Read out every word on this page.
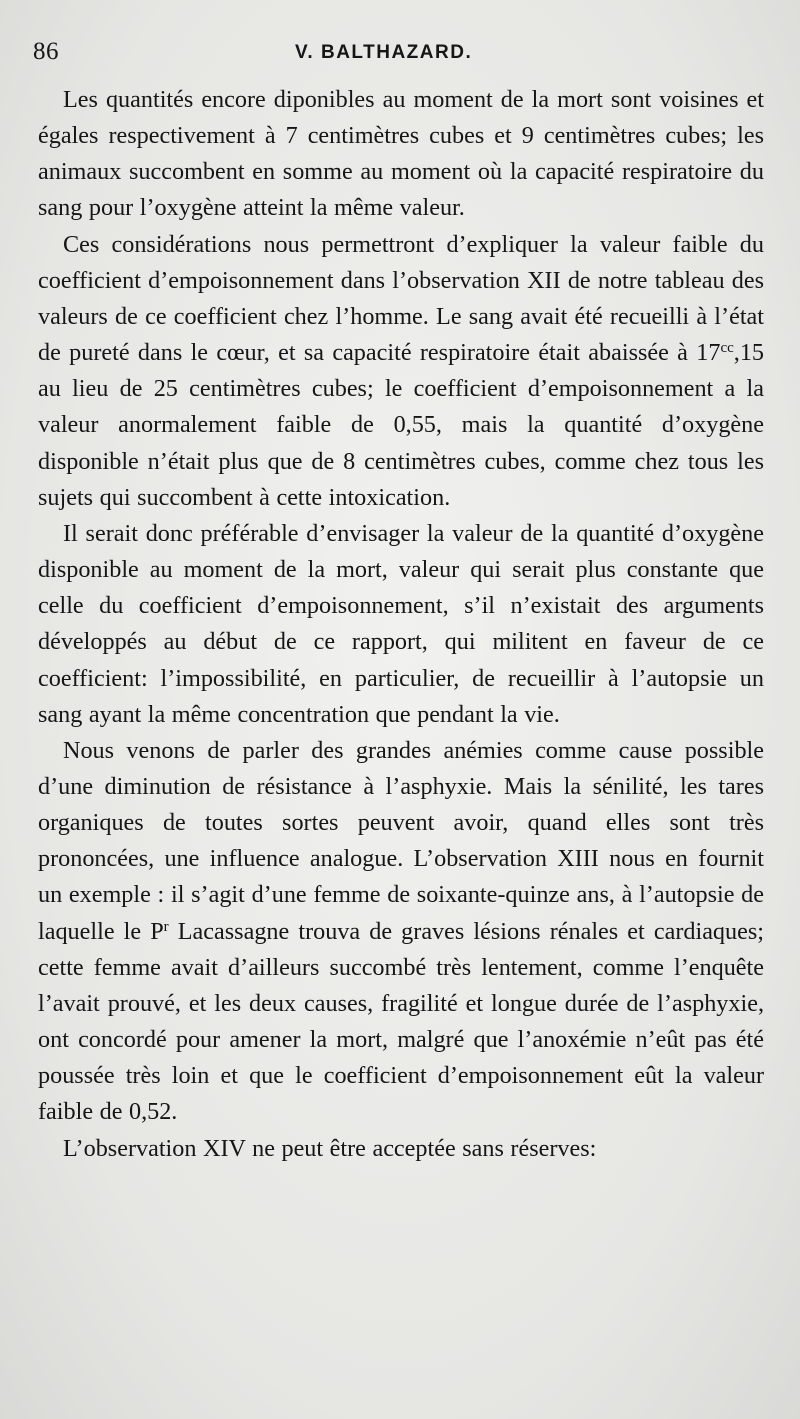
86	V. BALTHAZARD.

Les quantités encore diponibles au moment de la mort sont voisines et égales respectivement à 7 centimètres cubes et 9 centimètres cubes; les animaux succombent en somme au moment où la capacité respiratoire du sang pour l’oxygène atteint la même valeur.

Ces considérations nous permettront d’expliquer la valeur faible du coefficient d’empoisonnement dans l’observation XII de notre tableau des valeurs de ce coefficient chez l’homme. Le sang avait été recueilli à l’état de pureté dans le cœur, et sa capacité respiratoire était abaissée à $17^{cc},15$ au lieu de 25 centimètres cubes; le coefficient d’empoisonnement a la valeur anormalement faible de 0,55, mais la quantité d’oxygène disponible n’était plus que de 8 centimètres cubes, comme chez tous les sujets qui succombent à cette intoxication.

Il serait donc préférable d’envisager la valeur de la quantité d’oxygène disponible au moment de la mort, valeur qui serait plus constante que celle du coefficient d’empoisonnement, s’il n’existait des arguments développés au début de ce rapport, qui militent en faveur de ce coefficient: l’impossibilité, en particulier, de recueillir à l’autopsie un sang ayant la même concentration que pendant la vie.

Nous venons de parler des grandes anémies comme cause possible d’une diminution de résistance à l’asphyxie. Mais la sénilité, les tares organiques de toutes sortes peuvent avoir, quand elles sont très prononcées, une influence analogue. L’observation XIII nous en fournit un exemple : il s’agit d’une femme de soixante-quinze ans, à l’autopsie de laquelle le $P^r$ Lacassagne trouva de graves lésions rénales et cardiaques; cette femme avait d’ailleurs succombé très lentement, comme l’enquête l’avait prouvé, et les deux causes, fragilité et longue durée de l’asphyxie, ont concordé pour amener la mort, malgré que l’anoxémie n’eût pas été poussée très loin et que le coefficient d’empoisonnement eût la valeur faible de 0,52.

L’observation XIV ne peut être acceptée sans réserves:
